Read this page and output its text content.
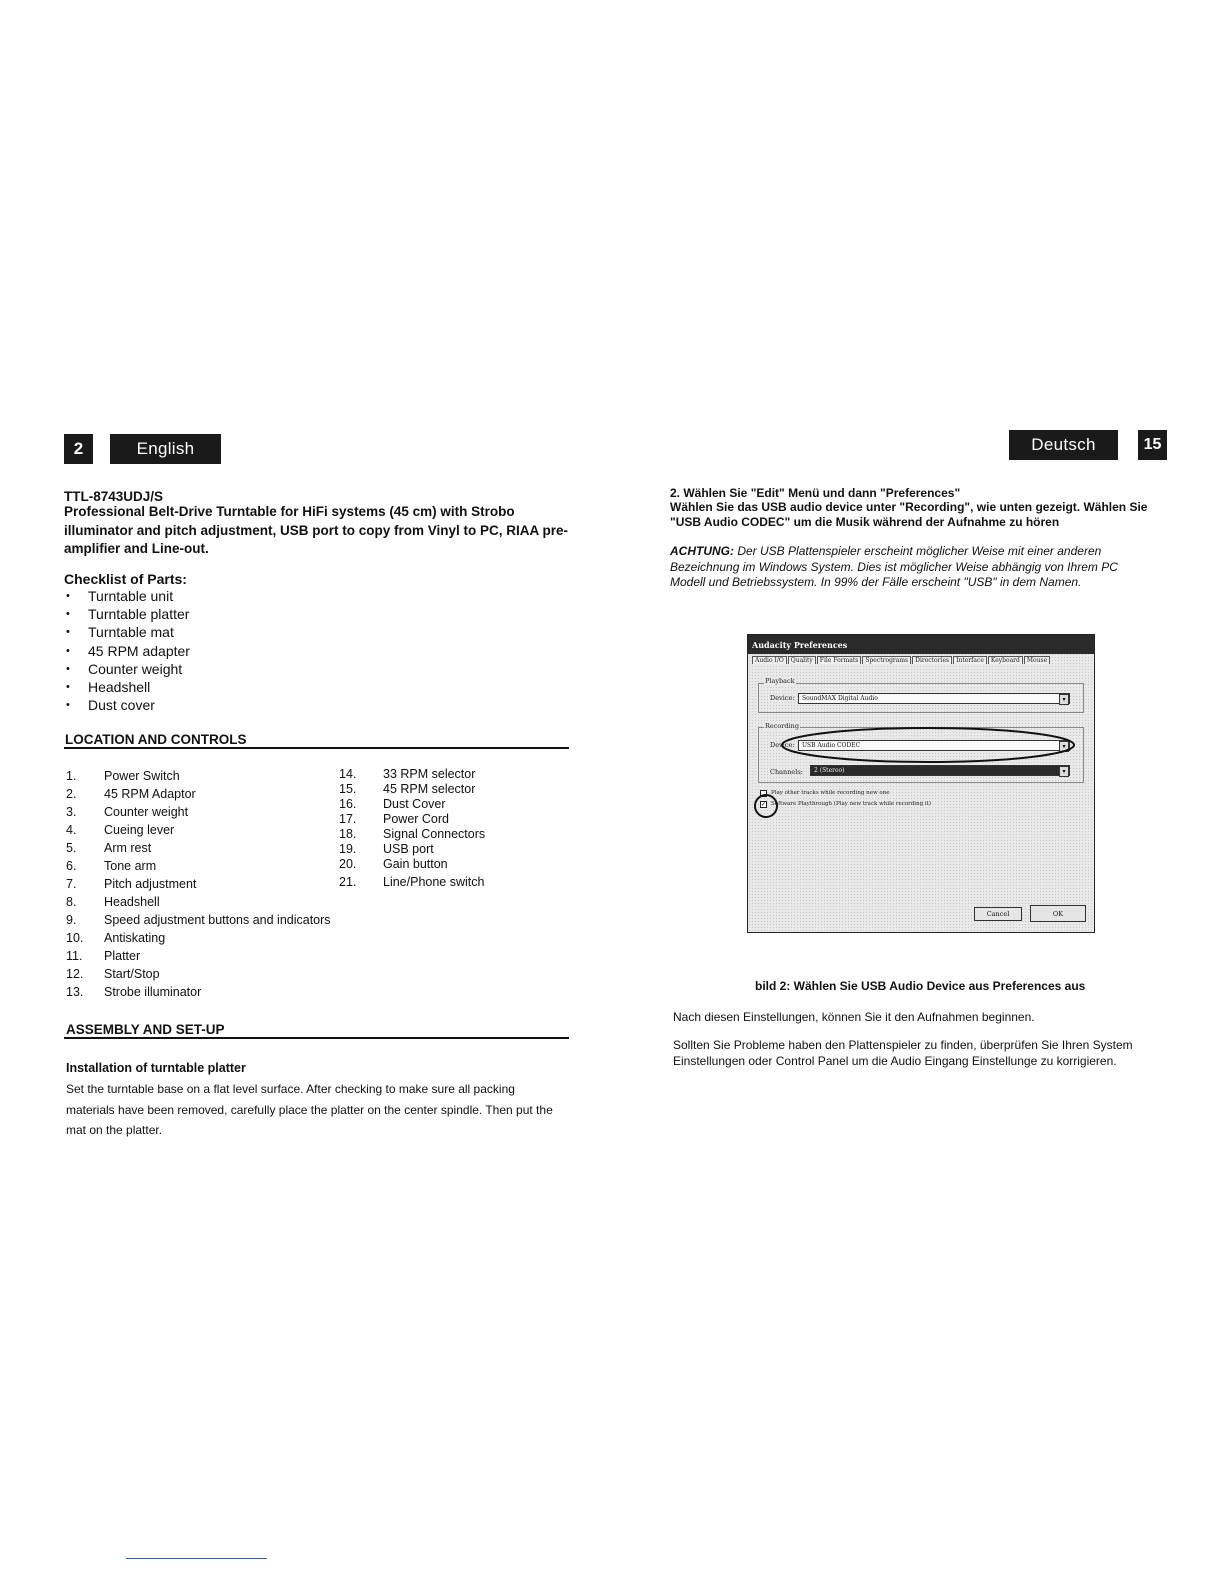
2	English
TTL-8743UDJ/S
Professional Belt-Drive Turntable for HiFi systems (45 cm) with Strobo illuminator and pitch adjustment, USB port to copy from Vinyl to PC, RIAA pre-amplifier and Line-out.
Checklist of Parts:
• Turntable unit
• Turntable platter
• Turntable mat
• 45 RPM adapter
• Counter weight
• Headshell
• Dust cover
LOCATION AND CONTROLS
1. Power Switch
2. 45 RPM Adaptor
3. Counter weight
4. Cueing lever
5. Arm rest
6. Tone arm
7. Pitch adjustment
8. Headshell
9. Speed adjustment buttons and indicators
10. Antiskating
11. Platter
12. Start/Stop
13. Strobe illuminator
14. 33 RPM selector
15. 45 RPM selector
16. Dust Cover
17. Power Cord
18. Signal Connectors
19. USB port
20. Gain button
21. Line/Phone switch
ASSEMBLY AND SET-UP
Installation of turntable platter
Set the turntable base on a flat level surface. After checking to make sure all packing
materials have been removed, carefully place the platter on the center spindle. Then put the
mat on the platter.
Deutsch	15
2. Wählen Sie "Edit" Menü und dann "Preferences"
Wählen Sie das USB audio device unter "Recording", wie unten gezeigt. Wählen Sie
"USB Audio CODEC" um die Musik während der Aufnahme zu hören
ACHTUNG: Der USB Plattenspieler erscheint möglicher Weise mit einer anderen
Bezeichnung im Windows System. Dies ist möglicher Weise abhängig von Ihrem PC
Modell und Betriebssystem. In 99% der Fälle erscheint "USB" in dem Namen.
Audacity Preferences
Audio I/O Quality File Formats Spectrograms Directories Interface Keyboard Mouse
Playback
Device:	SoundMAX Digital Audio	▾
Recording
Device:	USB Audio CODEC	▾
Channels:	2 (Stereo)	▾
Play other tracks while recording new one
✓ Software Playthrough (Play new track while recording it)
Cancel	OK
bild 2: Wählen Sie USB Audio Device aus Preferences aus
Nach diesen Einstellungen, können Sie it den Aufnahmen beginnen.
Sollten Sie Probleme haben den Plattenspieler zu finden, überprüfen Sie Ihren System
Einstellungen oder Control Panel um die Audio Eingang Einstellunge zu korrigieren.
